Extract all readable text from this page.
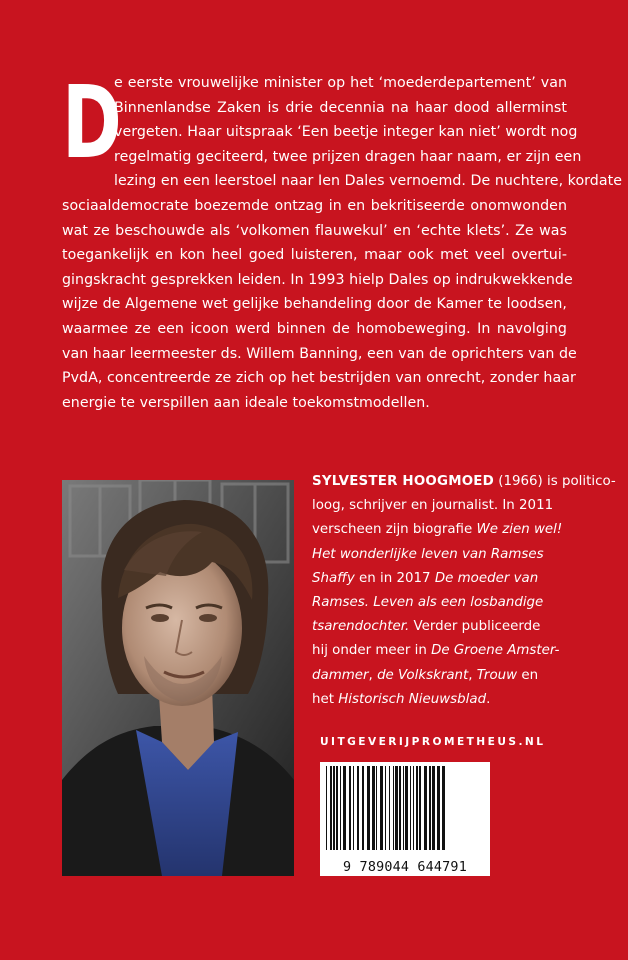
D
e eerste vrouwelijke minister op het ‘moederdepartement’ van
Binnenlandse Zaken is drie decennia na haar dood allerminst
vergeten. Haar uitspraak ‘Een beetje integer kan niet’ wordt nog
regelmatig geciteerd, twee prijzen dragen haar naam, er zijn een
lezing en een leerstoel naar Ien Dales vernoemd. De nuchtere, kordate
sociaaldemocrate boezemde ontzag in en bekritiseerde onomwonden
wat ze beschouwde als ‘volkomen flauwekul’ en ‘echte klets’. Ze was
toegankelijk en kon heel goed luisteren, maar ook met veel overtui-
gingskracht gesprekken leiden. In 1993 hielp Dales op indrukwekkende
wijze de Algemene wet gelijke behandeling door de Kamer te loodsen,
waarmee ze een icoon werd binnen de homobeweging. In navolging
van haar leermeester ds. Willem Banning, een van de oprichters van de
PvdA, concentreerde ze zich op het bestrijden van onrecht, zonder haar
energie te verspillen aan ideale toekomstmodellen.
SYLVESTER HOOGMOED (1966) is politico-
loog, schrijver en journalist. In 2011
verscheen zijn biografie We zien wel!
Het wonderlijke leven van Ramses
Shaffy en in 2017 De moeder van
Ramses. Leven als een losbandige
tsarendochter. Verder publiceerde
hij onder meer in De Groene Amster-
dammer, de Volkskrant, Trouw en
het Historisch Nieuwsblad.
UITGEVERIJPROMETHEUS.NL
9 789044 644791
